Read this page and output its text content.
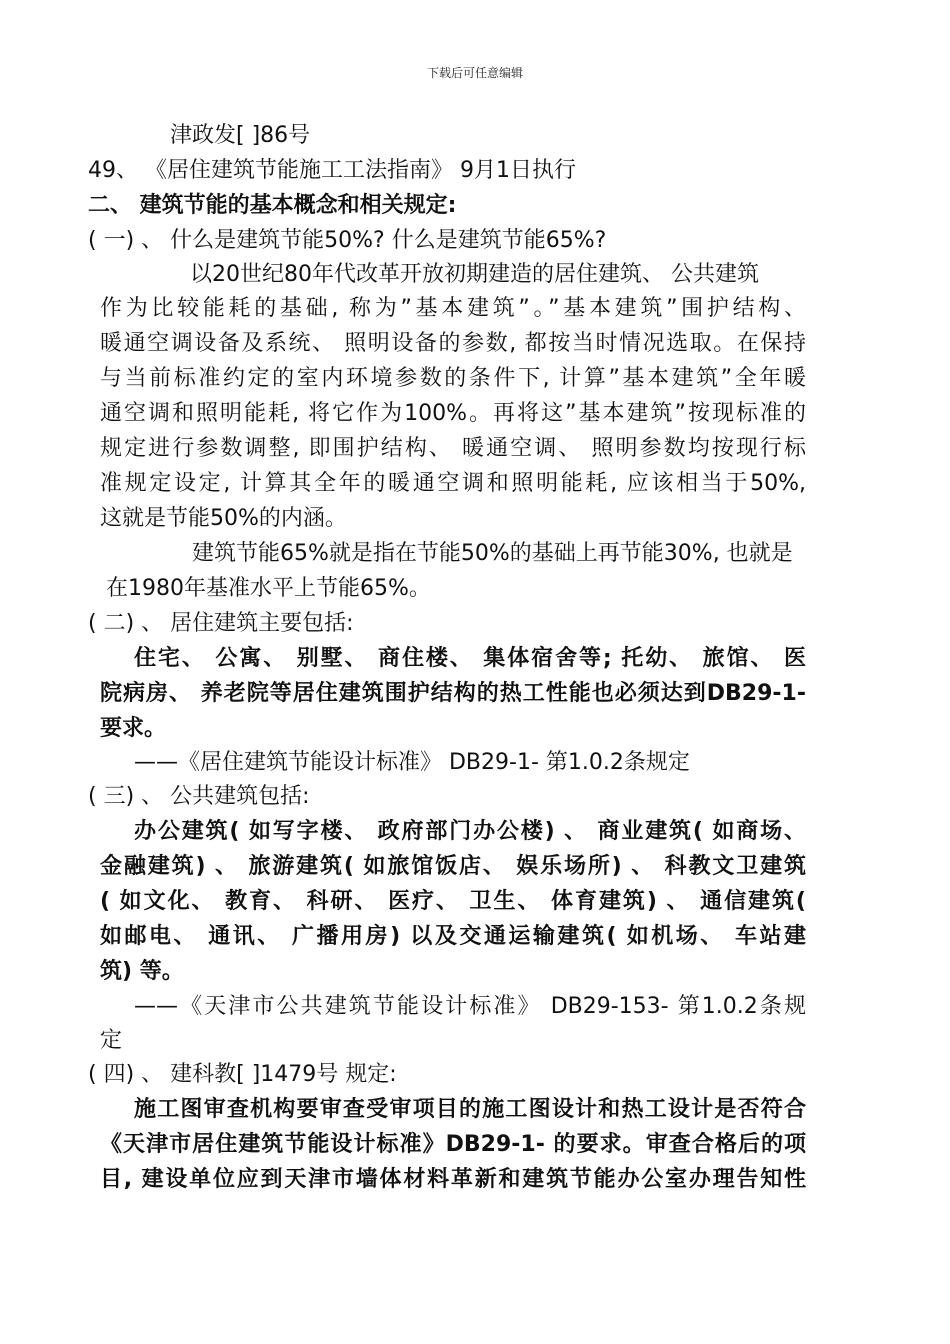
下载后可任意编辑
津政发[ ]86号
49、 《居住建筑节能施工工法指南》 9月1日执行
二、 建筑节能的基本概念和相关规定:
( 一) 、 什么是建筑节能50%? 什么是建筑节能65%?
以20世纪80年代改革开放初期建造的居住建筑、 公共建筑
作为比较能耗的基础, 称为”基本建筑”。”基本建筑”围护结构、
暖通空调设备及系统、 照明设备的参数, 都按当时情况选取。在保持
与当前标准约定的室内环境参数的条件下, 计算”基本建筑”全年暖
通空调和照明能耗, 将它作为100%。再将这”基本建筑”按现标准的
规定进行参数调整, 即围护结构、 暖通空调、 照明参数均按现行标
准规定设定, 计算其全年的暖通空调和照明能耗, 应该相当于50%,
这就是节能50%的内涵。
建筑节能65%就是指在节能50%的基础上再节能30%, 也就是
在1980年基准水平上节能65%。
( 二) 、 居住建筑主要包括:
住宅、 公寓、 别墅、 商住楼、 集体宿舍等; 托幼、 旅馆、 医
院病房、 养老院等居住建筑围护结构的热工性能也必须达到DB29-1-
要求。
——《居住建筑节能设计标准》 DB29-1- 第1.0.2条规定
( 三) 、 公共建筑包括:
办公建筑( 如写字楼、 政府部门办公楼) 、 商业建筑( 如商场、
金融建筑) 、 旅游建筑( 如旅馆饭店、 娱乐场所) 、 科教文卫建筑
( 如文化、 教育、 科研、 医疗、 卫生、 体育建筑) 、 通信建筑(
如邮电、 通讯、 广播用房) 以及交通运输建筑( 如机场、 车站建
筑) 等。
——《天津市公共建筑节能设计标准》 DB29-153- 第1.0.2条规
定
( 四) 、 建科教[ ]1479号 规定:
施工图审查机构要审查受审项目的施工图设计和热工设计是否符合
《天津市居住建筑节能设计标准》DB29-1- 的要求。审查合格后的项
目, 建设单位应到天津市墙体材料革新和建筑节能办公室办理告知性
